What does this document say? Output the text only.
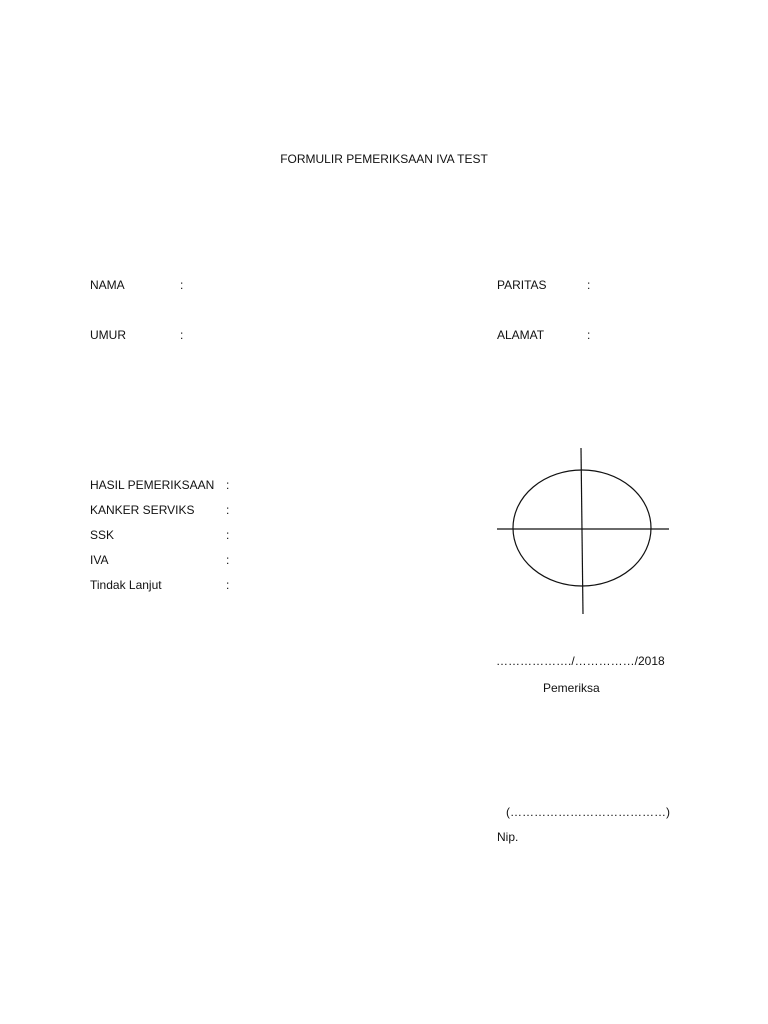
FORMULIR PEMERIKSAAN IVA TEST
NAMA	:
UMUR	:
PARITAS	:
ALAMAT	:
HASIL PEMERIKSAAN :
KANKER SERVIKS	:
SSK	:
IVA	:
Tindak Lanjut	:
………………./……………/2018
Pemeriksa
(…………………………………)
Nip.
